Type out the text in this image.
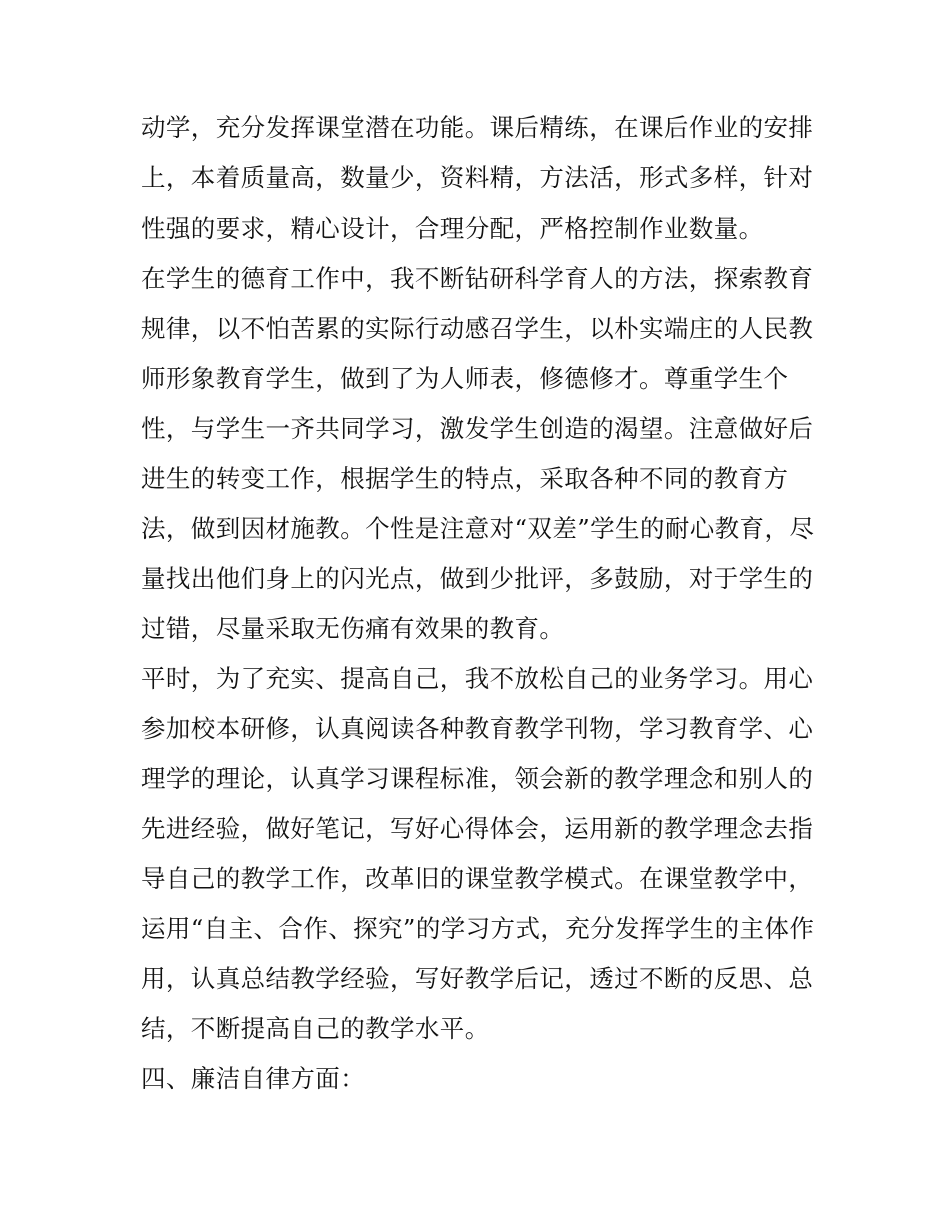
动学，充分发挥课堂潜在功能。课后精练，在课后作业的安排
上，本着质量高，数量少，资料精，方法活，形式多样，针对
性强的要求，精心设计，合理分配，严格控制作业数量。
在学生的德育工作中，我不断钻研科学育人的方法，探索教育
规律，以不怕苦累的实际行动感召学生，以朴实端庄的人民教
师形象教育学生，做到了为人师表，修德修才。尊重学生个
性，与学生一齐共同学习，激发学生创造的渴望。注意做好后
进生的转变工作，根据学生的特点，采取各种不同的教育方
法，做到因材施教。个性是注意对“双差”学生的耐心教育，尽
量找出他们身上的闪光点，做到少批评，多鼓励，对于学生的
过错，尽量采取无伤痛有效果的教育。
平时，为了充实、提高自己，我不放松自己的业务学习。用心
参加校本研修，认真阅读各种教育教学刊物，学习教育学、心
理学的理论，认真学习课程标准，领会新的教学理念和别人的
先进经验，做好笔记，写好心得体会，运用新的教学理念去指
导自己的教学工作，改革旧的课堂教学模式。在课堂教学中，
运用“自主、合作、探究”的学习方式，充分发挥学生的主体作
用，认真总结教学经验，写好教学后记，透过不断的反思、总
结，不断提高自己的教学水平。
四、廉洁自律方面：
